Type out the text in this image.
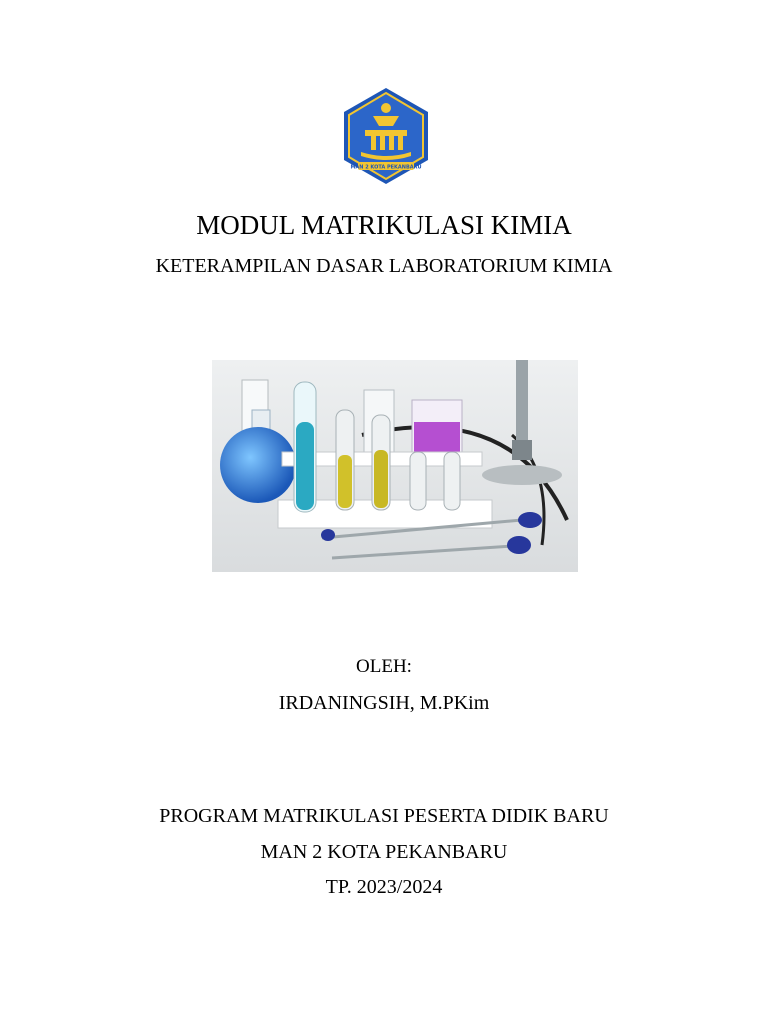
MAN 2 KOTA PEKANBARU
MODUL MATRIKULASI KIMIA
KETERAMPILAN DASAR LABORATORIUM KIMIA
OLEH:
IRDANINGSIH, M.PKim
PROGRAM MATRIKULASI PESERTA DIDIK BARU
MAN 2 KOTA PEKANBARU
TP. 2023/2024
